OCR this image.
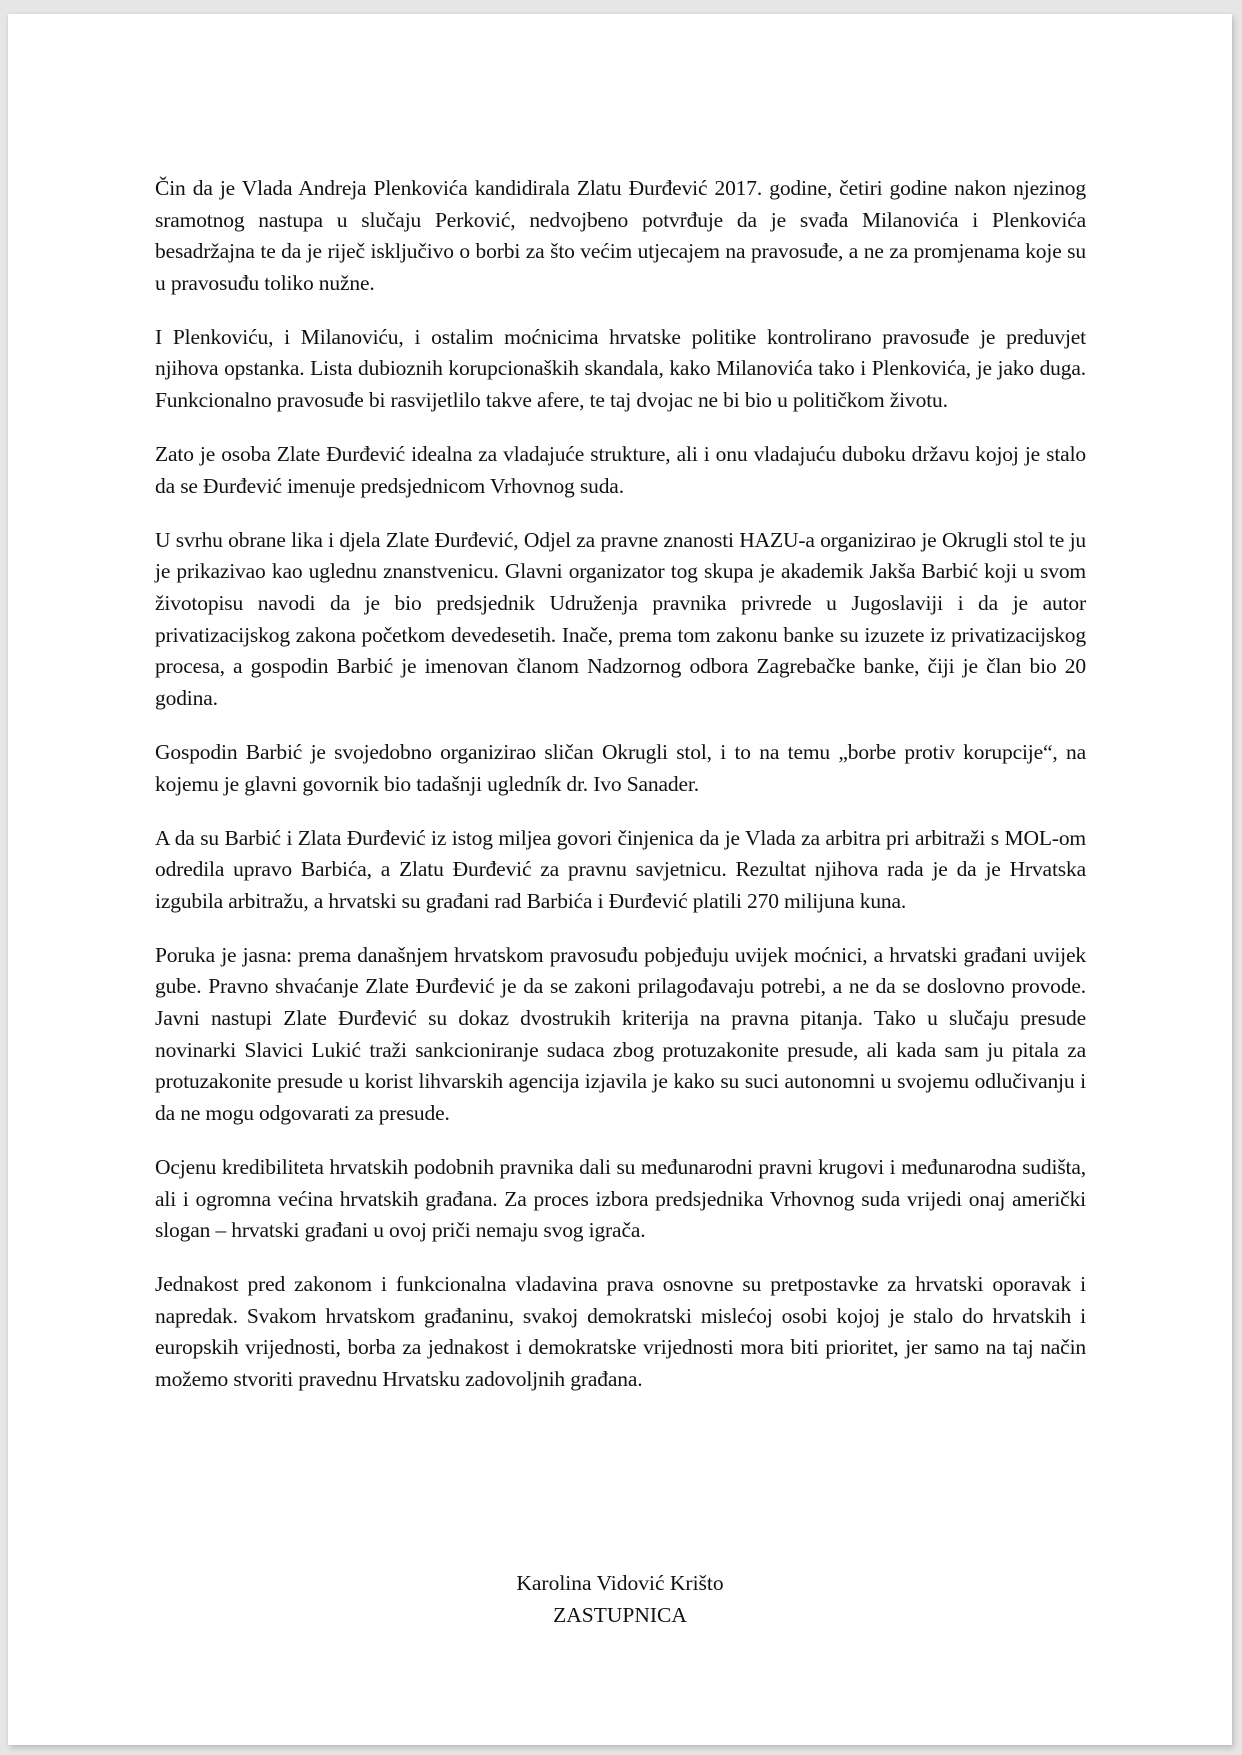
Čin da je Vlada Andreja Plenkovića kandidirala Zlatu Đurđević 2017. godine, četiri godine nakon njezinog sramotnog nastupa u slučaju Perković, nedvojbeno potvrđuje da je svađa Milanovića i Plenkovića besadržajna te da je riječ isključivo o borbi za što većim utjecajem na pravosuđe, a ne za promjenama koje su u pravosuđu toliko nužne.

I Plenkoviću, i Milanoviću, i ostalim moćnicima hrvatske politike kontrolirano pravosuđe je preduvjet njihova opstanka. Lista dubioznih korupcionaških skandala, kako Milanovića tako i Plenkovića, je jako duga. Funkcionalno pravosuđe bi rasvijetlilo takve afere, te taj dvojac ne bi bio u političkom životu.

Zato je osoba Zlate Đurđević idealna za vladajuće strukture, ali i onu vladajuću duboku državu kojoj je stalo da se Đurđević imenuje predsjednicom Vrhovnog suda.

U svrhu obrane lika i djela Zlate Đurđević, Odjel za pravne znanosti HAZU-a organizirao je Okrugli stol te ju je prikazivao kao uglednu znanstvenicu. Glavni organizator tog skupa je akademik Jakša Barbić koji u svom životopisu navodi da je bio predsjednik Udruženja pravnika privrede u Jugoslaviji i da je autor privatizacijskog zakona početkom devedesetih. Inače, prema tom zakonu banke su izuzete iz privatizacijskog procesa, a gospodin Barbić je imenovan članom Nadzornog odbora Zagrebačke banke, čiji je član bio 20 godina.

Gospodin Barbić je svojedobno organizirao sličan Okrugli stol, i to na temu „borbe protiv korupcije“, na kojemu je glavni govornik bio tadašnji ugledník dr. Ivo Sanader.

A da su Barbić i Zlata Đurđević iz istog miljea govori činjenica da je Vlada za arbitra pri arbitraži s MOL-om odredila upravo Barbića, a Zlatu Đurđević za pravnu savjetnicu. Rezultat njihova rada je da je Hrvatska izgubila arbitražu, a hrvatski su građani rad Barbića i Đurđević platili 270 milijuna kuna.

Poruka je jasna: prema današnjem hrvatskom pravosuđu pobjeđuju uvijek moćnici, a hrvatski građani uvijek gube. Pravno shvaćanje Zlate Đurđević je da se zakoni prilagođavaju potrebi, a ne da se doslovno provode. Javni nastupi Zlate Đurđević su dokaz dvostrukih kriterija na pravna pitanja. Tako u slučaju presude novinarki Slavici Lukić traži sankcioniranje sudaca zbog protuzakonite presude, ali kada sam ju pitala za protuzakonite presude u korist lihvarskih agencija izjavila je kako su suci autonomni u svojemu odlučivanju i da ne mogu odgovarati za presude.

Ocjenu kredibiliteta hrvatskih podobnih pravnika dali su međunarodni pravni krugovi i međunarodna sudišta, ali i ogromna većina hrvatskih građana. Za proces izbora predsjednika Vrhovnog suda vrijedi onaj američki slogan – hrvatski građani u ovoj priči nemaju svog igrača.

Jednakost pred zakonom i funkcionalna vladavina prava osnovne su pretpostavke za hrvatski oporavak i napredak. Svakom hrvatskom građaninu, svakoj demokratski mislećoj osobi kojoj je stalo do hrvatskih i europskih vrijednosti, borba za jednakost i demokratske vrijednosti mora biti prioritet, jer samo na taj način možemo stvoriti pravednu Hrvatsku zadovoljnih građana.

Karolina Vidović Krišto
ZASTUPNICA
